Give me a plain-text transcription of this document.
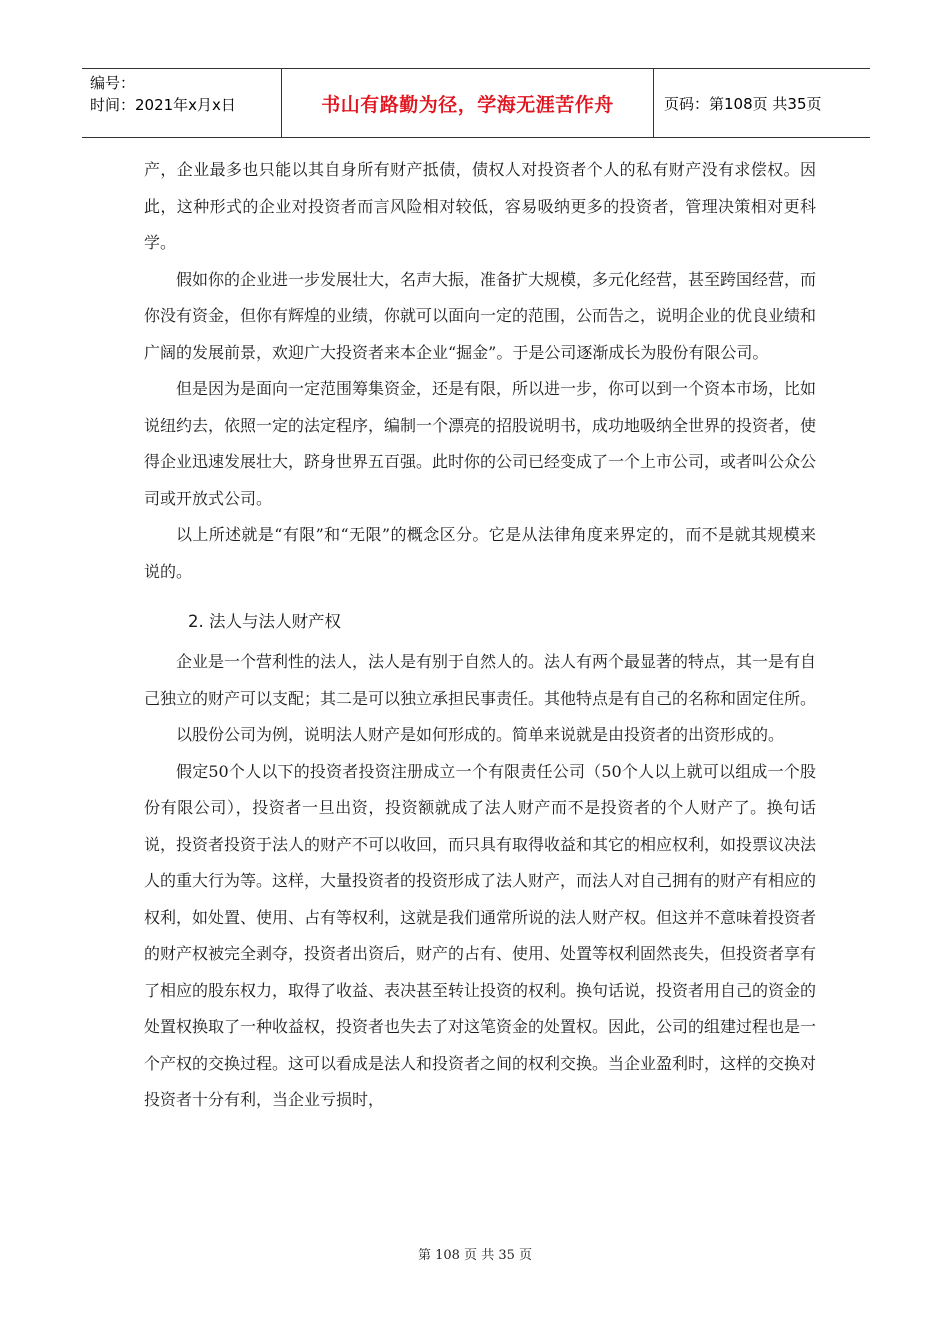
编号：
时间：2021年x月x日	书山有路勤为径，学海无涯苦作舟	页码：第108页 共35页

产，企业最多也只能以其自身所有财产抵债，债权人对投资者个人的私有财产没有求偿权。因此，这种形式的企业对投资者而言风险相对较低，容易吸纳更多的投资者，管理决策相对更科学。

假如你的企业进一步发展壮大，名声大振，准备扩大规模，多元化经营，甚至跨国经营，而你没有资金，但你有辉煌的业绩，你就可以面向一定的范围，公而告之，说明企业的优良业绩和广阔的发展前景，欢迎广大投资者来本企业“掘金”。于是公司逐渐成长为股份有限公司。

但是因为是面向一定范围筹集资金，还是有限，所以进一步，你可以到一个资本市场，比如说纽约去，依照一定的法定程序，编制一个漂亮的招股说明书，成功地吸纳全世界的投资者，使得企业迅速发展壮大，跻身世界五百强。此时你的公司已经变成了一个上市公司，或者叫公众公司或开放式公司。

以上所述就是“有限”和“无限”的概念区分。它是从法律角度来界定的，而不是就其规模来说的。

2. 法人与法人财产权

企业是一个营利性的法人，法人是有别于自然人的。法人有两个最显著的特点，其一是有自己独立的财产可以支配；其二是可以独立承担民事责任。其他特点是有自己的名称和固定住所。

以股份公司为例，说明法人财产是如何形成的。简单来说就是由投资者的出资形成的。

假定50个人以下的投资者投资注册成立一个有限责任公司（50个人以上就可以组成一个股份有限公司），投资者一旦出资，投资额就成了法人财产而不是投资者的个人财产了。换句话说，投资者投资于法人的财产不可以收回，而只具有取得收益和其它的相应权利，如投票议决法人的重大行为等。这样，大量投资者的投资形成了法人财产，而法人对自己拥有的财产有相应的权利，如处置、使用、占有等权利，这就是我们通常所说的法人财产权。但这并不意味着投资者的财产权被完全剥夺，投资者出资后，财产的占有、使用、处置等权利固然丧失，但投资者享有了相应的股东权力，取得了收益、表决甚至转让投资的权利。换句话说，投资者用自己的资金的处置权换取了一种收益权，投资者也失去了对这笔资金的处置权。因此，公司的组建过程也是一个产权的交换过程。这可以看成是法人和投资者之间的权利交换。当企业盈利时，这样的交换对投资者十分有利，当企业亏损时，

第 108 页 共 35 页
